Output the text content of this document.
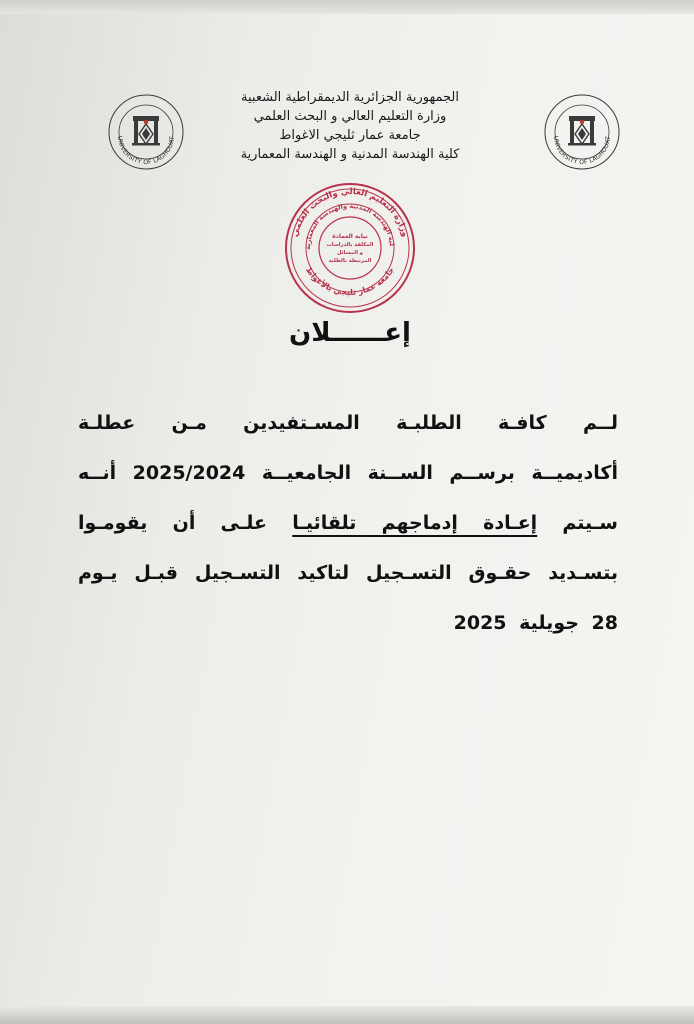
UNIVERSITY OF LAGHOUAT	UNIVERSITY OF LAGHOUAT
الجمهورية الجزائرية الديمقراطية الشعبية
وزارة التعليم العالي و البحث العلمي
جامعة عمار ثليجي الاغواط
كلية الهندسة المدنية و الهندسة المعمارية
وزارة التعليم العالي والبحث العلمي
لية الهندسة المدنية والهندسة المعمارية
جامعة عمار ثليجي بالأغواط
نيابة العمادة
المكلفة بالدراسات
و المسائل
المرتبطة بالطلبة
إعــــــلان
لــم كافـة الطلبـة المسـتفيدين مـن عطلـة
أكاديميــة برســم الســنة الجامعيــة 2025/2024 أنــه
سـيتم إعـادة إدماجهم تلقائيـا علـى أن يقومـوا
بتسـديد حقـوق التسـجيل لتاكيد التسـجيل قبـل يـوم
28 جويلية 2025
